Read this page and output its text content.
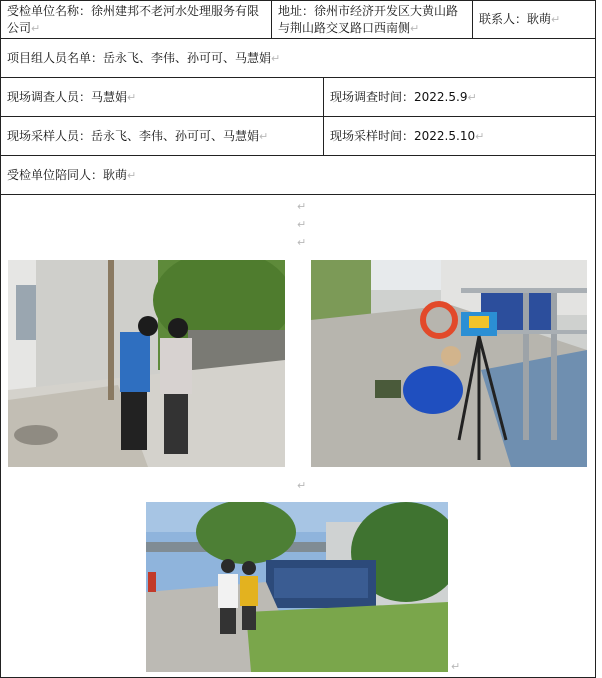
受检单位名称：徐州建邦不老河水处理服务有限公司↵
地址：徐州市经济开发区大黄山路与荆山路交叉路口西南侧↵
联系人： 耿萌 ↵
项目组人员名单： 岳永飞、李伟、孙可可、马慧娟 ↵
现场调查人员： 马慧娟 ↵	现场调查时间： 2022.5.9 ↵
现场采样人员： 岳永飞、李伟、孙可可、马慧娟 ↵	现场采样时间： 2022.5.10 ↵
受检单位陪同人： 耿萌 ↵
↵
↵
↵
↵
↵
